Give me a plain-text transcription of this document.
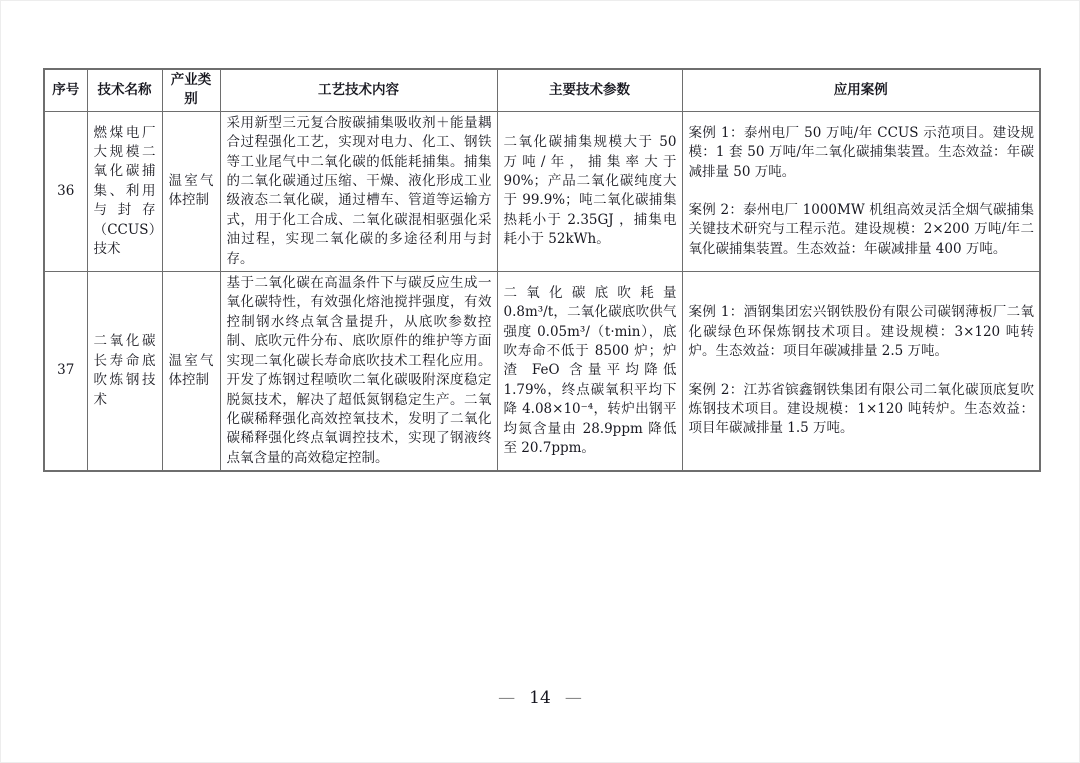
序号	技术名称	产业类别	工艺技术内容	主要技术参数	应用案例
36	燃煤电厂大规模二氧化碳捕集、利用与封存（CCUS）技术	温室气体控制	采用新型三元复合胺碳捕集吸收剂＋能量耦合过程强化工艺，实现对电力、化工、钢铁等工业尾气中二氧化碳的低能耗捕集。捕集的二氧化碳通过压缩、干燥、液化形成工业级液态二氧化碳，通过槽车、管道等运输方式，用于化工合成、二氧化碳混相驱强化采油过程，实现二氧化碳的多途径利用与封存。	二氧化碳捕集规模大于 50 万吨/年，捕集率大于 90%；产品二氧化碳纯度大于 99.9%；吨二氧化碳捕集热耗小于 2.35GJ ，捕集电耗小于 52kWh。	案例 1：泰州电厂 50 万吨/年 CCUS 示范项目。建设规模：1 套 50 万吨/年二氧化碳捕集装置。生态效益：年碳减排量 50 万吨。

案例 2：泰州电厂 1000MW 机组高效灵活全烟气碳捕集关键技术研究与工程示范。建设规模：2×200 万吨/年二氧化碳捕集装置。生态效益：年碳减排量 400 万吨。

37	二氧化碳长寿命底吹炼钢技术	温室气体控制	基于二氧化碳在高温条件下与碳反应生成一氧化碳特性，有效强化熔池搅拌强度，有效控制钢水终点氧含量提升，从底吹参数控制、底吹元件分布、底吹原件的维护等方面实现二氧化碳长寿命底吹技术工程化应用。开发了炼钢过程喷吹二氧化碳吸附深度稳定脱氮技术，解决了超低氮钢稳定生产。二氧化碳稀释强化高效控氧技术，发明了二氧化碳稀释强化终点氧调控技术，实现了钢液终点氧含量的高效稳定控制。	二氧化碳底吹耗量 0.8m³/t，二氧化碳底吹供气强度 0.05m³/（t·min），底吹寿命不低于 8500 炉；炉渣 FeO 含量平均降低 1.79%，终点碳氧积平均下降 4.08×10⁻⁴，转炉出钢平均氮含量由 28.9ppm 降低至 20.7ppm。	案例 1：酒钢集团宏兴钢铁股份有限公司碳钢薄板厂二氧化碳绿色环保炼钢技术项目。建设规模：3×120 吨转炉。生态效益：项目年碳减排量 2.5 万吨。

案例 2：江苏省镔鑫钢铁集团有限公司二氧化碳顶底复吹炼钢技术项目。建设规模：1×120 吨转炉。生态效益：项目年碳减排量 1.5 万吨。

— 14 —
